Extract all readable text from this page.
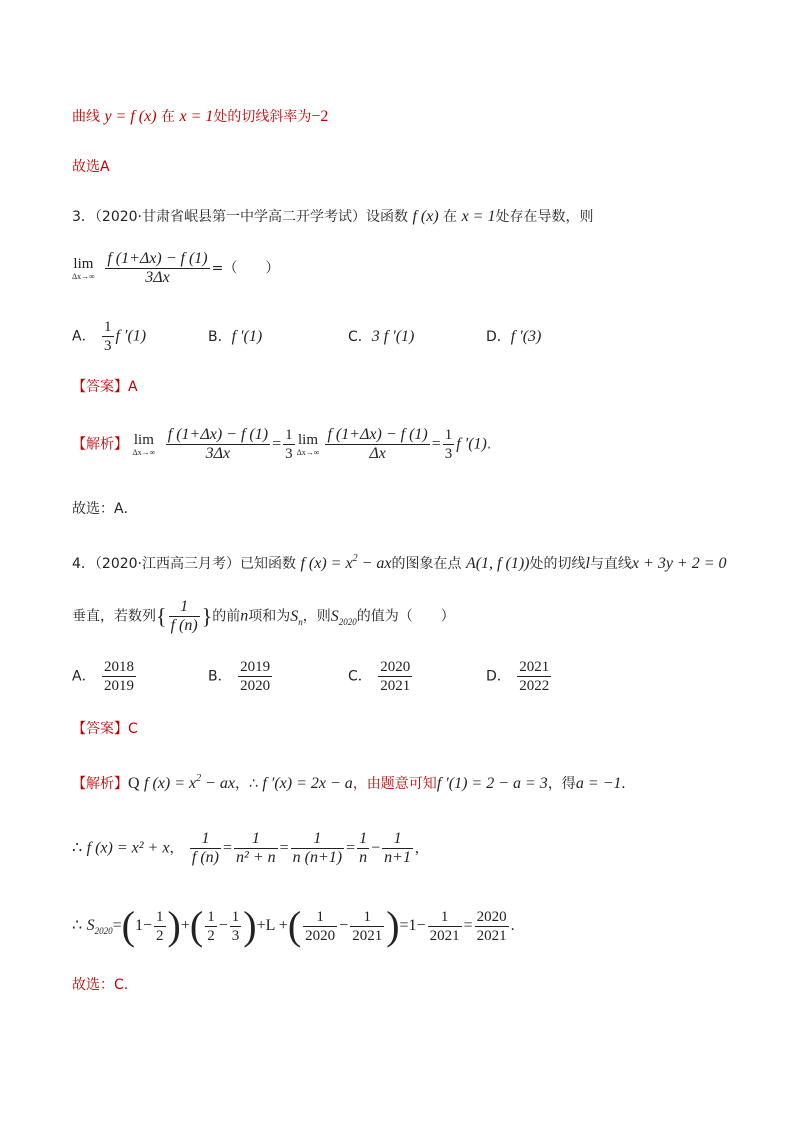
曲线 y = f (x) 在 x = 1处的切线斜率为−2
故选A
3．（2020·甘肃省岷县第一中学高二开学考试）设函数 f (x) 在 x = 1处存在导数，则
lim
Δx→∞
$\frac{f (1+\Delta x) - f (1)}{3\Delta x}$ =（　　）
A． $\frac{1}{3}$ f ′(1)	B．f ′(1)	C．3 f ′(1)	D．f ′(3)
【答案】A
【解析】 lim
Δx→∞
$\frac{f (1+\Delta x) - f (1)}{3\Delta x} = \frac{1}{3}$ lim
$\Delta x\to\infty \frac{f (1+\Delta x) - f (1)}{\Delta x} = \frac{1}{3}$ f ′(1).
故选：A．
4．（2020·江西高三月考）已知函数 f $(x) = x^2$ − ax的图象在点 A(1, f (1))处的切线l与直线x + 3y + 2 = 0
垂直，若数列{ $\frac{1}{f (n)}$ }的前n项和为$S_n$，则$S_{2020}$的值为（　　）
A． $\frac{2018}{2019}$	B． $\frac{2019}{2020}$	C． $\frac{2020}{2021}$	D． $\frac{2021}{2022}$
【答案】C
【解析】Q f $(x) = x^2$ − ax，∴ f ′(x) = 2x − a，由题意可知f ′(1) = 2 − a = 3，得a = −1.
∴ f (x) = x² + x， $\frac{1}{f (n)} = \frac{1}{\text{n² + n}} = \frac{1}{n (n+1)} = \frac{1}{n} - \frac{1}{n+1}$ ,
∴ $S_{2020}=(1- \frac{1}{2}$ )+( $\frac{1}{2} - \frac{1}{3} )+L$ +( $\frac{1}{2020} - \frac{1}{2021} )=1- \frac{1}{2021} = \frac{2020}{2021}$ .
故选：C.
